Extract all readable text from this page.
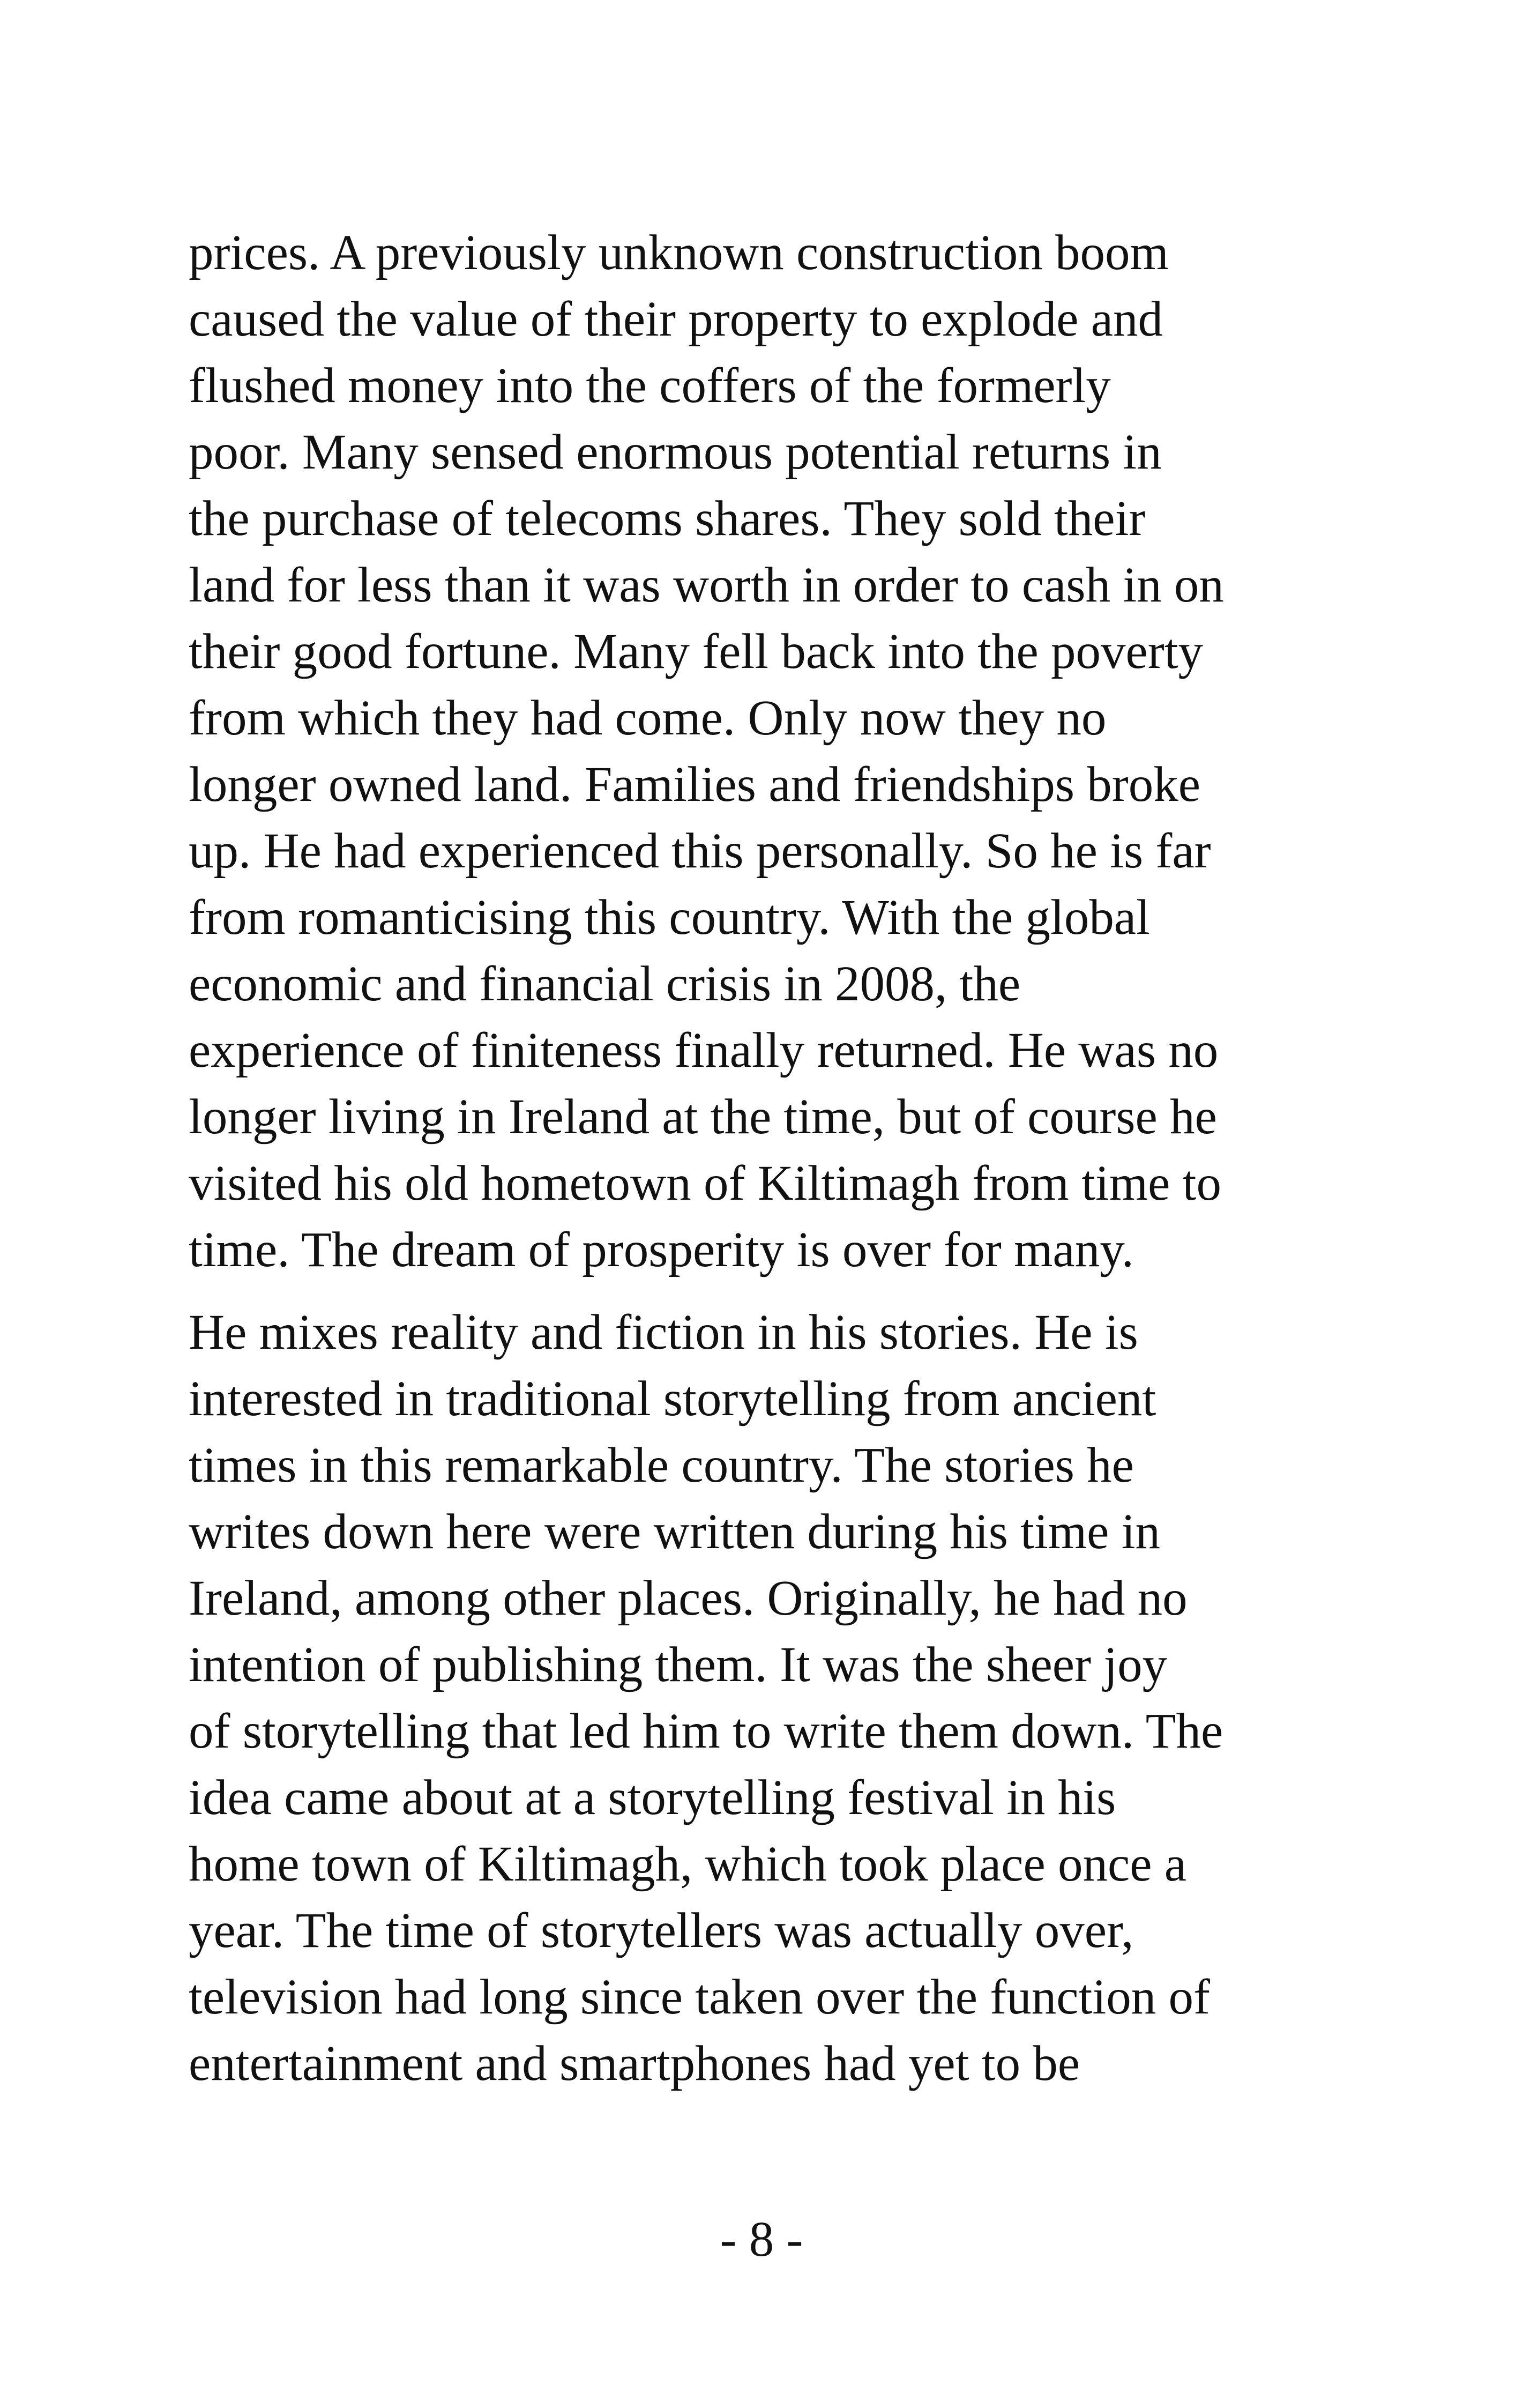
prices. A previously unknown construction boom
caused the value of their property to explode and
flushed money into the coffers of the formerly
poor. Many sensed enormous potential returns in
the purchase of telecoms shares. They sold their
land for less than it was worth in order to cash in on
their good fortune. Many fell back into the poverty
from which they had come. Only now they no
longer owned land. Families and friendships broke
up. He had experienced this personally. So he is far
from romanticising this country. With the global
economic and financial crisis in 2008, the
experience of finiteness finally returned. He was no
longer living in Ireland at the time, but of course he
visited his old hometown of Kiltimagh from time to
time. The dream of prosperity is over for many.
He mixes reality and fiction in his stories. He is
interested in traditional storytelling from ancient
times in this remarkable country. The stories he
writes down here were written during his time in
Ireland, among other places. Originally, he had no
intention of publishing them. It was the sheer joy
of storytelling that led him to write them down. The
idea came about at a storytelling festival in his
home town of Kiltimagh, which took place once a
year. The time of storytellers was actually over,
television had long since taken over the function of
entertainment and smartphones had yet to be
- 8 -
